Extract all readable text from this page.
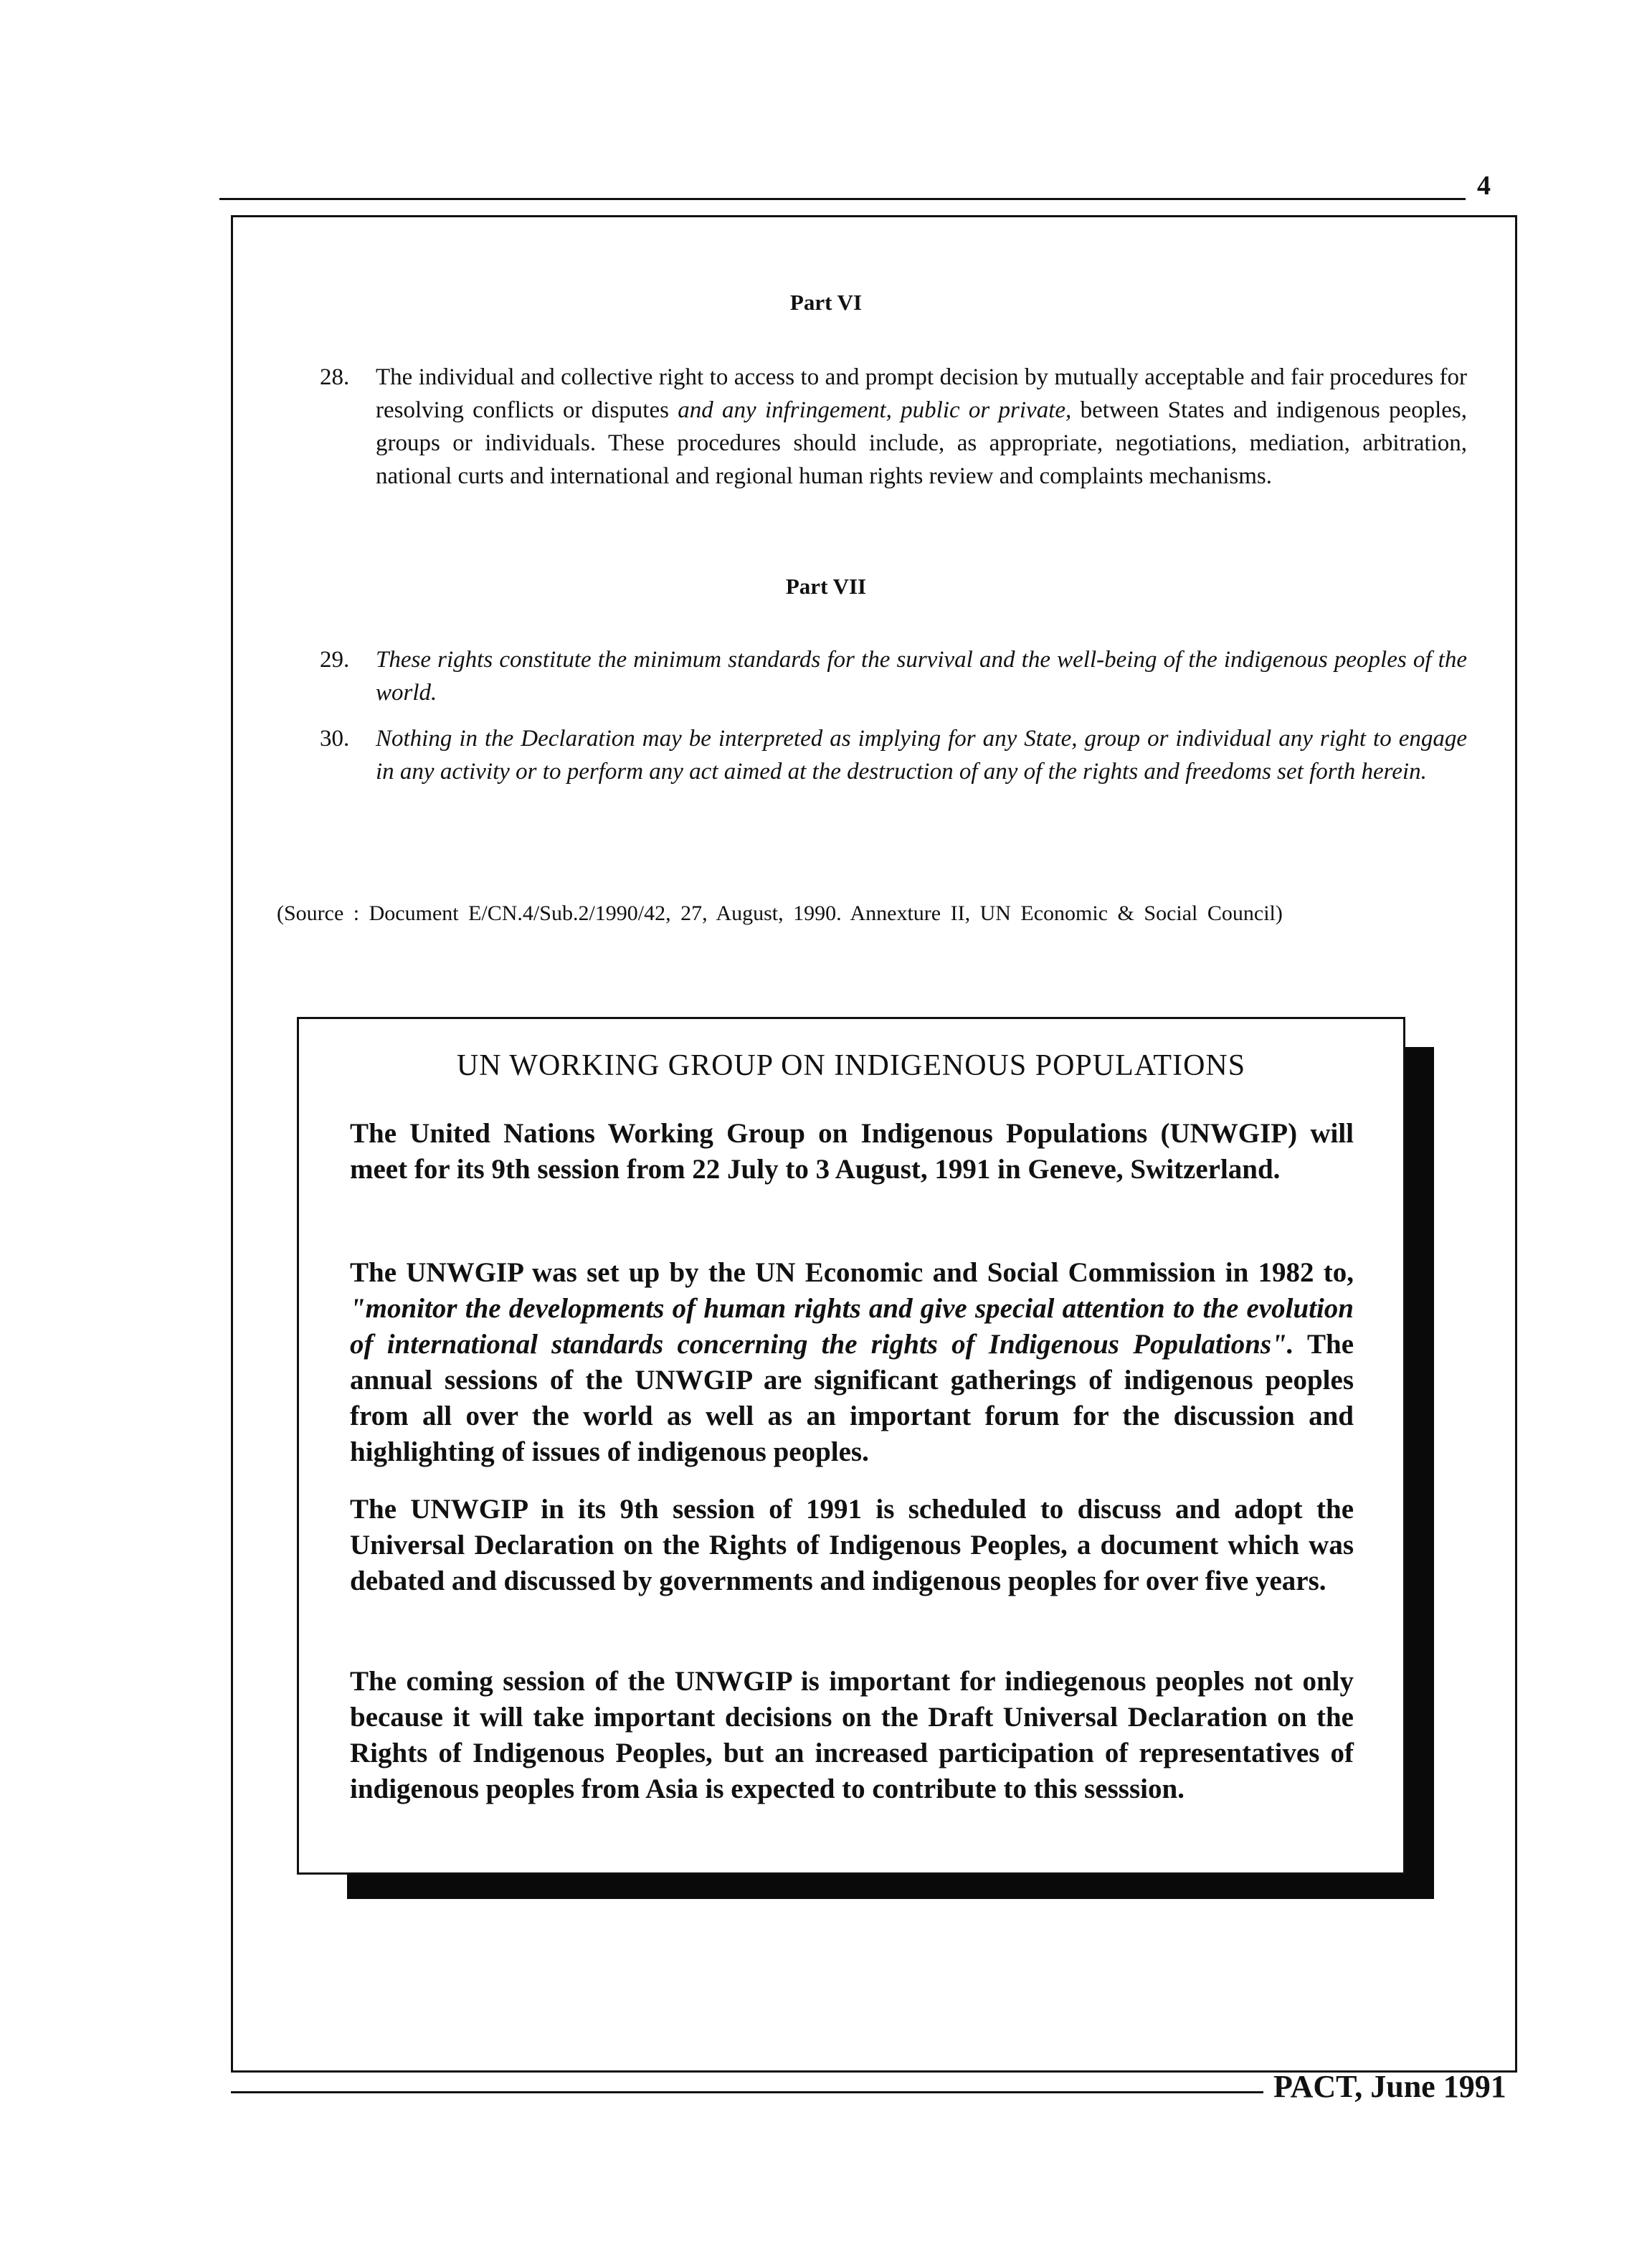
4
Part VI
28. The individual and collective right to access to and prompt decision by mutually acceptable and fair procedures for resolving conflicts or disputes and any infringement, public or private, between States and indigenous peoples, groups or individuals. These procedures should include, as appropriate, negotiations, mediation, arbitration, national curts and international and regional human rights review and complaints mechanisms.
Part VII
29. These rights constitute the minimum standards for the survival and the well-being of the indigenous peoples of the world.
30. Nothing in the Declaration may be interpreted as implying for any State, group or individual any right to engage in any activity or to perform any act aimed at the destruction of any of the rights and freedoms set forth herein.
(Source : Document E/CN.4/Sub.2/1990/42, 27, August, 1990. Annexture II, UN Economic & Social Council)
UN WORKING GROUP ON INDIGENOUS POPULATIONS
The United Nations Working Group on Indigenous Populations (UNWGIP) will meet for its 9th session from 22 July to 3 August, 1991 in Geneve, Switzerland.
The UNWGIP was set up by the UN Economic and Social Commission in 1982 to, "monitor the developments of human rights and give special attention to the evolution of international standards concerning the rights of Indigenous Populations". The annual sessions of the UNWGIP are significant gatherings of indigenous peoples from all over the world as well as an important forum for the discussion and highlighting of issues of indigenous peoples.
The UNWGIP in its 9th session of 1991 is scheduled to discuss and adopt the Universal Declaration on the Rights of Indigenous Peoples, a document which was debated and discussed by governments and indigenous peoples for over five years.
The coming session of the UNWGIP is important for indiegenous peoples not only because it will take important decisions on the Draft Universal Declaration on the Rights of Indigenous Peoples, but an increased participation of representatives of indigenous peoples from Asia is expected to contribute to this sesssion.
PACT, June 1991
